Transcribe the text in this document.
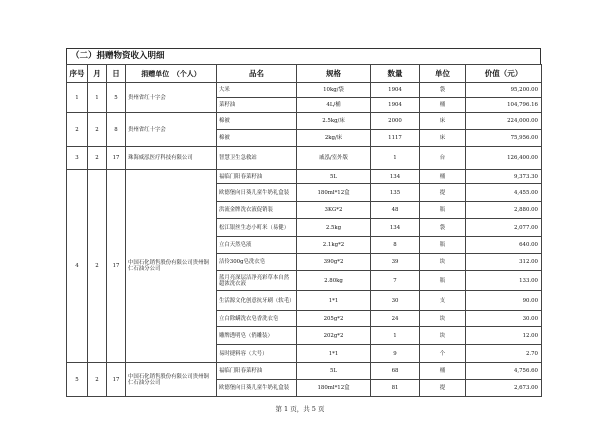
（二）捐赠物资收入明细
序号	月	日	捐赠单位　（个人）	品名	规格	数量	单位	价值（元）
1	1	5	贵州省红十字会	大米	10kg/袋	1904	袋	95,200.00
				菜籽油	4L/桶	1904	桶	104,796.16
2	2	8	贵州省红十字会	棉被	2.5kg/床	2000	床	224,000.00
				棉被	2kg/床	1117	床	75,956.00
3	2	17	珠海威泓医疗科技有限公司	智慧卫生急救站	戚泓/室外版	1	台	126,400.00
4	2	17	中国石化销售股份有限公司贵州铜仁石油分公司	福临门阳春菜籽油	5L	134	桶	9,373.30
				欧德堡向日葵儿童牛奶礼盒装	180ml*12盒	135	提	4,455.00
				洪流金牌洗衣液促销装	3KG*2	48	瓶	2,880.00
				松江银丝生态小町米（易健）	2.5kg	134	袋	2,077.00
				立白天然皂液	2.1kg*2	8	瓶	640.00
				洁伶300g皂洗衣皂	390g*2	39	块	312.00
				蓝月亮深层洁净亮彩草本自然超浓洗衣液	2.80kg	7	瓶	133.00
				生活源文化创意抗牙刷（软毛）	1*1	30	支	90.00
				立白除螨洗衣皂香洗衣皂	205g*2	24	块	30.00
				雕牌透明皂（俏雕装）	202g*2	1	块	12.00
				易时捷料容（大号）	1*1	9	个	2.70
5	2	17	中国石化销售股份有限公司贵州铜仁石油分公司	福临门阳春菜籽油	5L	68	桶	4,756.60
				欧德堡向日葵儿童牛奶礼盒装	180ml*12盒	81	提	2,673.00
第 1 页，共 5 页
